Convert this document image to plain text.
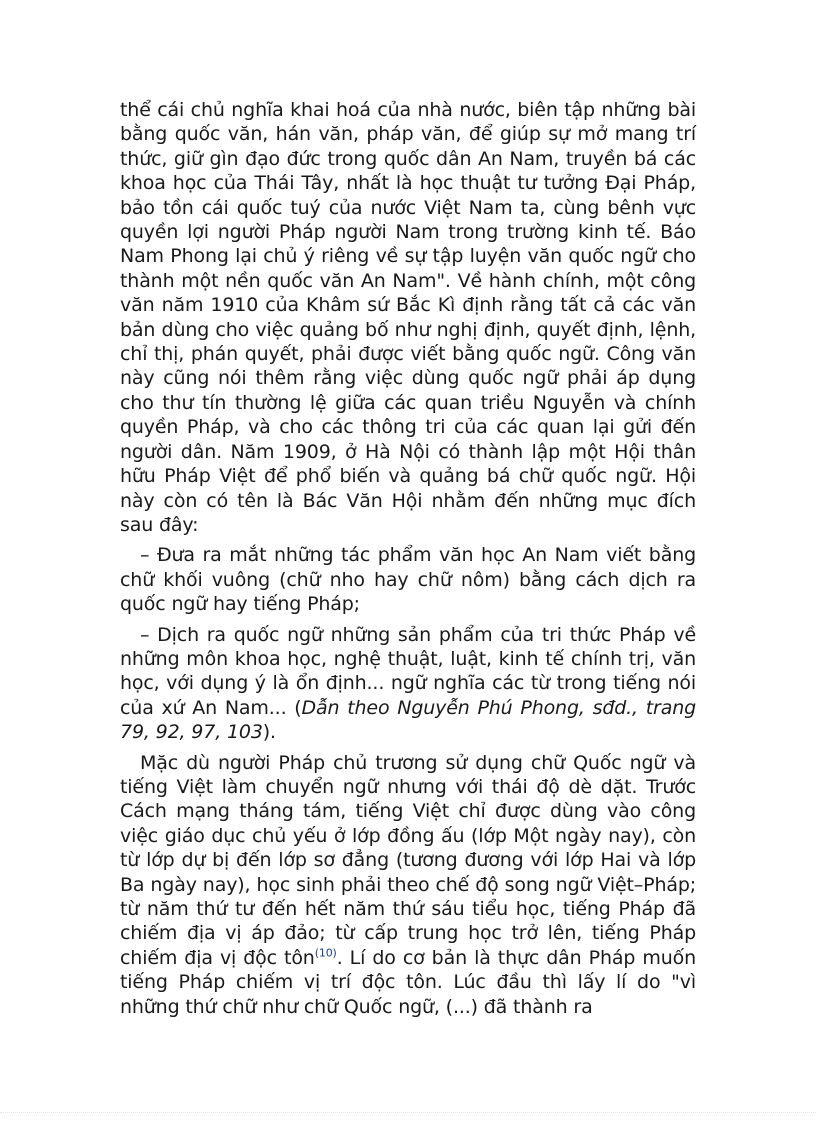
thể cái chủ nghĩa khai hoá của nhà nước, biên tập những bài bằng quốc văn, hán văn, pháp văn, để giúp sự mở mang trí thức, giữ gìn đạo đức trong quốc dân An Nam, truyền bá các khoa học của Thái Tây, nhất là học thuật tư tưởng Đại Pháp, bảo tồn cái quốc tuý của nước Việt Nam ta, cùng bênh vực quyền lợi người Pháp người Nam trong trường kinh tế. Báo Nam Phong lại chủ ý riêng về sự tập luyện văn quốc ngữ cho thành một nền quốc văn An Nam". Về hành chính, một công văn năm 1910 của Khâm sứ Bắc Kì định rằng tất cả các văn bản dùng cho việc quảng bố như nghị định, quyết định, lệnh, chỉ thị, phán quyết, phải được viết bằng quốc ngữ. Công văn này cũng nói thêm rằng việc dùng quốc ngữ phải áp dụng cho thư tín thường lệ giữa các quan triều Nguyễn và chính quyền Pháp, và cho các thông tri của các quan lại gửi đến người dân. Năm 1909, ở Hà Nội có thành lập một Hội thân hữu Pháp Việt để phổ biến và quảng bá chữ quốc ngữ. Hội này còn có tên là Bác Văn Hội nhằm đến những mục đích sau đây:

– Đưa ra mắt những tác phẩm văn học An Nam viết bằng chữ khối vuông (chữ nho hay chữ nôm) bằng cách dịch ra quốc ngữ hay tiếng Pháp;

– Dịch ra quốc ngữ những sản phẩm của tri thức Pháp về những môn khoa học, nghệ thuật, luật, kinh tế chính trị, văn học, với dụng ý là ổn định... ngữ nghĩa các từ trong tiếng nói của xứ An Nam... (Dẫn theo Nguyễn Phú Phong, sđd., trang 79, 92, 97, 103).

Mặc dù người Pháp chủ trương sử dụng chữ Quốc ngữ và tiếng Việt làm chuyển ngữ nhưng với thái độ dè dặt. Trước Cách mạng tháng tám, tiếng Việt chỉ được dùng vào công việc giáo dục chủ yếu ở lớp đồng ấu (lớp Một ngày nay), còn từ lớp dự bị đến lớp sơ đẳng (tương đương với lớp Hai và lớp Ba ngày nay), học sinh phải theo chế độ song ngữ Việt–Pháp; từ năm thứ tư đến hết năm thứ sáu tiểu học, tiếng Pháp đã chiếm địa vị áp đảo; từ cấp trung học trở lên, tiếng Pháp chiếm địa vị độc tôn$^{(10)}$. Lí do cơ bản là thực dân Pháp muốn tiếng Pháp chiếm vị trí độc tôn. Lúc đầu thì lấy lí do "vì những thứ chữ như chữ Quốc ngữ, (...) đã thành ra
